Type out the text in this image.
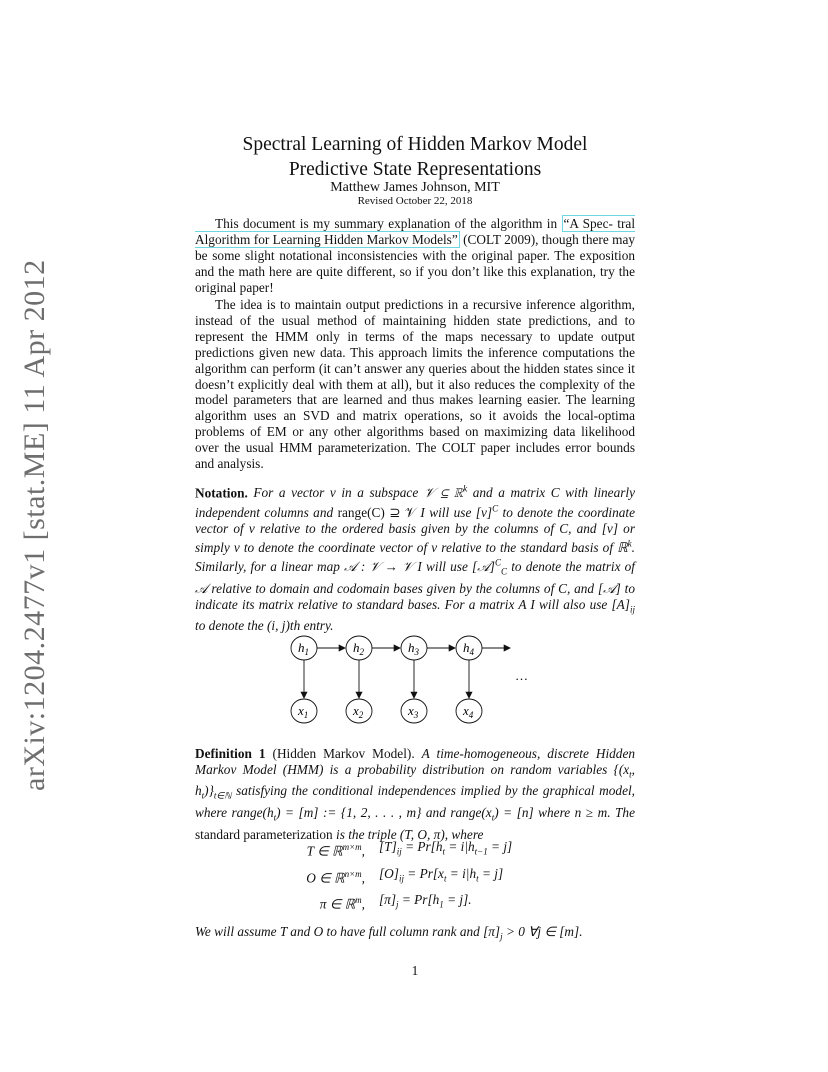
arXiv:1204.2477v1 [stat.ME] 11 Apr 2012
Spectral Learning of Hidden Markov Model
Predictive State Representations
Matthew James Johnson, MIT
Revised October 22, 2018

This document is my summary explanation of the algorithm in “A Spec- tral Algorithm for Learning Hidden Markov Models” (COLT 2009), though there may be some slight notational inconsistencies with the original paper. The exposition and the math here are quite different, so if you don’t like this explanation, try the original paper!

The idea is to maintain output predictions in a recursive inference algorithm, instead of the usual method of maintaining hidden state predictions, and to represent the HMM only in terms of the maps necessary to update output predictions given new data. This approach limits the inference computations the algorithm can perform (it can’t answer any queries about the hidden states since it doesn’t explicitly deal with them at all), but it also reduces the complexity of the model parameters that are learned and thus makes learning easier. The learning algorithm uses an SVD and matrix operations, so it avoids the local-optima problems of EM or any other algorithms based on maximizing data likelihood over the usual HMM parameterization. The COLT paper includes error bounds and analysis.

Notation. For a vector v in a subspace 𝒱 ⊆ ℝ$^k$ and a matrix C with linearly independent columns and range(C) ⊇ 𝒱 I will use $[v]^C$ to denote the coordinate vector of v relative to the ordered basis given by the columns of C, and [v] or simply v to denote the coordinate vector of v relative to the standard basis of ℝ$^k$. Similarly, for a linear map 𝒜 : 𝒱 → 𝒱 I will use [𝒜]$^C_C$ to denote the matrix of 𝒜 relative to domain and codomain bases given by the columns of C, and [𝒜] to indicate its matrix relative to standard bases. For a matrix A I will also use $[A]_{ij}$ to denote the (i, j)th entry.

$h_1$	$h_2$	$h_3$	$h_4$
$x_1$	$x_2$	$x_3$	$x_4$
…

Definition 1 (Hidden Markov Model). A time-homogeneous, discrete Hidden Markov Model (HMM) is a probability distribution on random variables {($x_t$, $h_t)\}_{t\in ℕ}$ satisfying the conditional independences implied by the graphical model, where $range(h_t) = [m]$ := {1, 2, . . . , m} and $range(x_t) = [n]$ where n ≥ m. The standard parameterization is the triple (T, O, π), where

T ∈ ℝ$^{m\times m}$,	$[T]_{ij} = Pr[h_t = i|h_{t-1} = j]$
O ∈ ℝ$^{n\times m}$,	$[O]_{ij} = Pr[x_t = i|h_t = j]$
π ∈ ℝ$^m$,	$[\pi]_j = Pr[h_1 = j]$.
We will assume T and O to have full column rank and $[\pi]_j > 0$ ∀j ∈ [m].
1
